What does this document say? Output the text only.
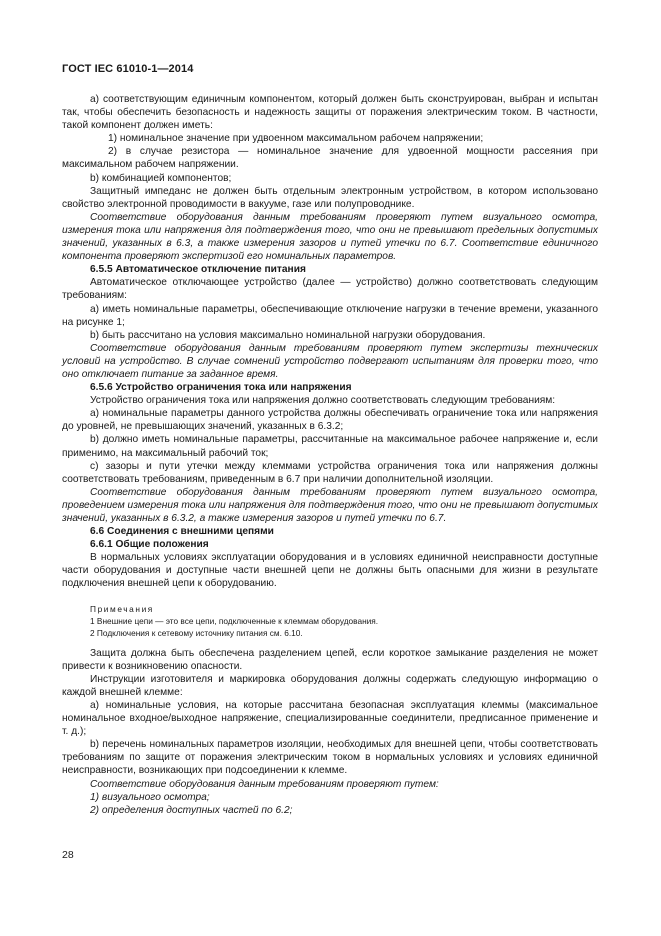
ГОСТ IEC 61010-1—2014

а) соответствующим единичным компонентом, который должен быть сконструирован, выбран и испытан так, чтобы обеспечить безопасность и надежность защиты от поражения электрическим током. В частности, такой компонент должен иметь:

1) номинальное значение при удвоенном максимальном рабочем напряжении;

2) в случае резистора — номинальное значение для удвоенной мощности рассеяния при максимальном рабочем напряжении.

b) комбинацией компонентов;

Защитный импеданс не должен быть отдельным электронным устройством, в котором использовано свойство электронной проводимости в вакууме, газе или полупроводнике.

Соответствие оборудования данным требованиям проверяют путем визуального осмотра, измерения тока или напряжения для подтверждения того, что они не превышают предельных допустимых значений, указанных в 6.3, а также измерения зазоров и путей утечки по 6.7. Соответствие единичного компонента проверяют экспертизой его номинальных параметров.

6.5.5 Автоматическое отключение питания

Автоматическое отключающее устройство (далее — устройство) должно соответствовать следующим требованиям:

а) иметь номинальные параметры, обеспечивающие отключение нагрузки в течение времени, указанного на рисунке 1;

b) быть рассчитано на условия максимально номинальной нагрузки оборудования.

Соответствие оборудования данным требованиям проверяют путем экспертизы технических условий на устройство. В случае сомнений устройство подвергают испытаниям для проверки того, что оно отключает питание за заданное время.

6.5.6 Устройство ограничения тока или напряжения

Устройство ограничения тока или напряжения должно соответствовать следующим требованиям:

а) номинальные параметры данного устройства должны обеспечивать ограничение тока или напряжения до уровней, не превышающих значений, указанных в 6.3.2;

b) должно иметь номинальные параметры, рассчитанные на максимальное рабочее напряжение и, если применимо, на максимальный рабочий ток;

с) зазоры и пути утечки между клеммами устройства ограничения тока или напряжения должны соответствовать требованиям, приведенным в 6.7 при наличии дополнительной изоляции.

Соответствие оборудования данным требованиям проверяют путем визуального осмотра, проведением измерения тока или напряжения для подтверждения того, что они не превышают допустимых значений, указанных в 6.3.2, а также измерения зазоров и путей утечки по 6.7.

6.6 Соединения с внешними цепями

6.6.1 Общие положения

В нормальных условиях эксплуатации оборудования и в условиях единичной неисправности доступные части оборудования и доступные части внешней цепи не должны быть опасными для жизни в результате подключения внешней цепи к оборудованию.

Примечания
1 Внешние цепи — это все цепи, подключенные к клеммам оборудования.
2 Подключения к сетевому источнику питания см. 6.10.

Защита должна быть обеспечена разделением цепей, если короткое замыкание разделения не может привести к возникновению опасности.

Инструкции изготовителя и маркировка оборудования должны содержать следующую информацию о каждой внешней клемме:

а) номинальные условия, на которые рассчитана безопасная эксплуатация клеммы (максимальное номинальное входное/выходное напряжение, специализированные соединители, предписанное применение и т. д.);

b) перечень номинальных параметров изоляции, необходимых для внешней цепи, чтобы соответствовать требованиям по защите от поражения электрическим током в нормальных условиях и условиях единичной неисправности, возникающих при подсоединении к клемме.

Соответствие оборудования данным требованиям проверяют путем:

1) визуального осмотра;

2) определения доступных частей по 6.2;

28
